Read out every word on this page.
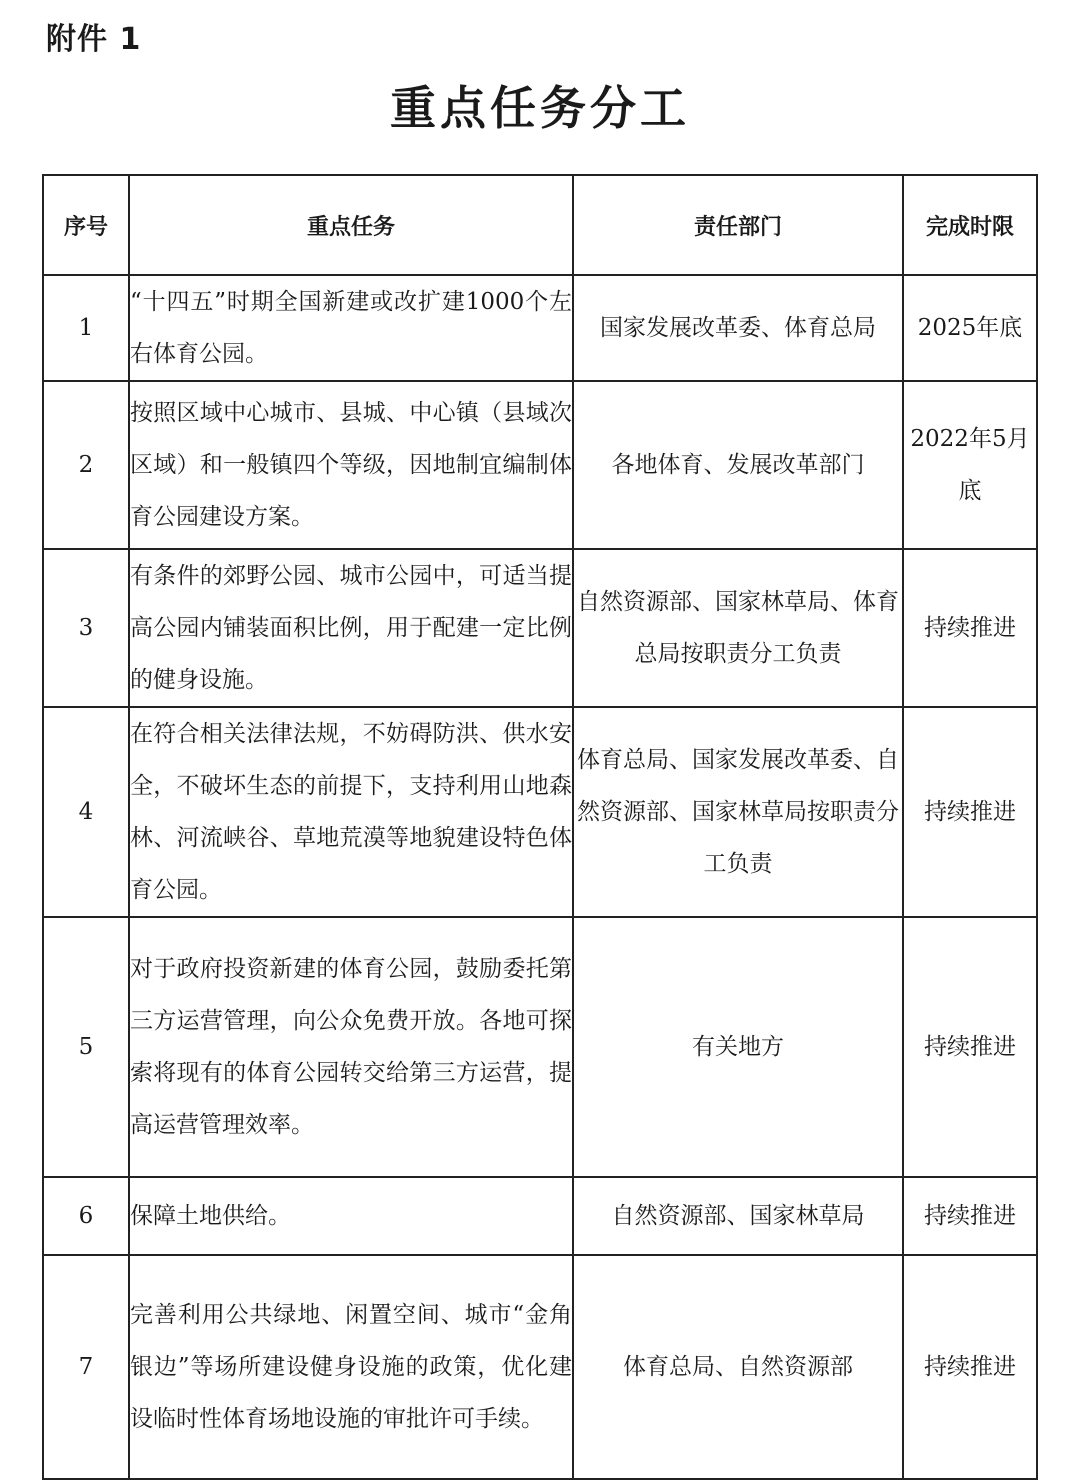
附件 1
重点任务分工
序号	重点任务	责任部门	完成时限
1	“十四五”时期全国新建或改扩建1000个左右体育公园。	国家发展改革委、体育总局	2025年底
2	按照区域中心城市、县城、中心镇（县域次区域）和一般镇四个等级，因地制宜编制体育公园建设方案。	各地体育、发展改革部门	2022年5月底
3	有条件的郊野公园、城市公园中，可适当提高公园内铺装面积比例，用于配建一定比例的健身设施。	自然资源部、国家林草局、体育总局按职责分工负责	持续推进
4	在符合相关法律法规，不妨碍防洪、供水安全，不破坏生态的前提下，支持利用山地森林、河流峡谷、草地荒漠等地貌建设特色体育公园。	体育总局、国家发展改革委、自然资源部、国家林草局按职责分工负责	持续推进
5	对于政府投资新建的体育公园，鼓励委托第三方运营管理，向公众免费开放。各地可探索将现有的体育公园转交给第三方运营，提高运营管理效率。	有关地方	持续推进
6	保障土地供给。	自然资源部、国家林草局	持续推进
7	完善利用公共绿地、闲置空间、城市“金角银边”等场所建设健身设施的政策，优化建设临时性体育场地设施的审批许可手续。	体育总局、自然资源部	持续推进
